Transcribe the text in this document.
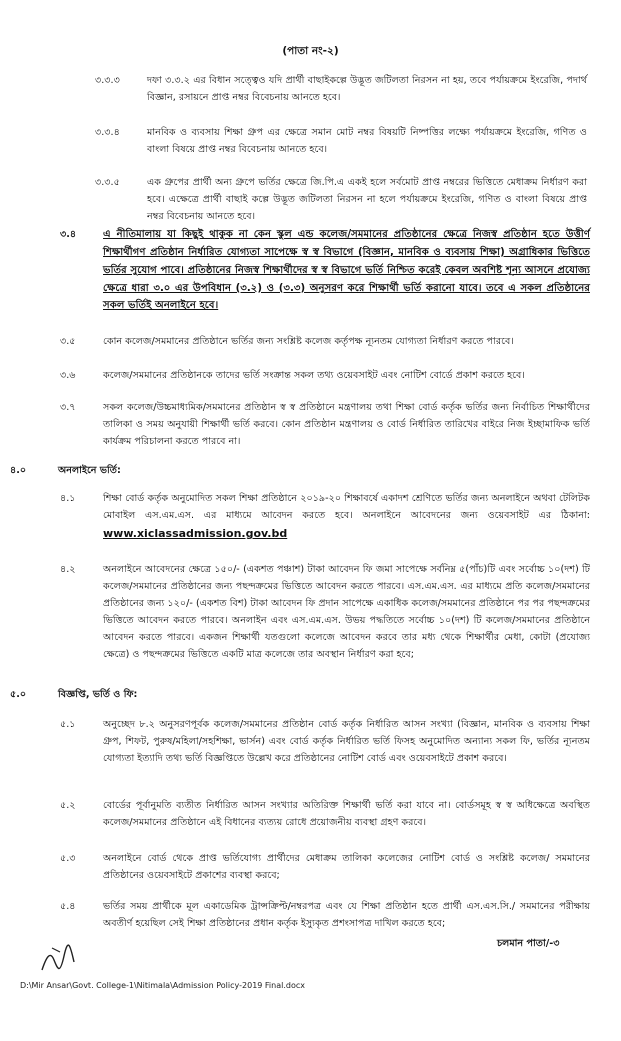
(পাতা নং-২)
৩.৩.৩	দফা ৩.৩.২ এর বিধান সত্ত্বেও যদি প্রার্থী বাছাইকল্পে উদ্ভূত জটিলতা নিরসন না হয়, তবে পর্যায়ক্রমে ইংরেজি, পদার্থ বিজ্ঞান, রসায়নে প্রাপ্ত নম্বর বিবেচনায় আনতে হবে।
৩.৩.৪	মানবিক ও ব্যবসায় শিক্ষা গ্রুপ এর ক্ষেত্রে সমান মোট নম্বর বিষয়টি নিষ্পত্তির লক্ষ্যে পর্যায়ক্রমে ইংরেজি, গণিত ও বাংলা বিষয়ে প্রাপ্ত নম্বর বিবেচনায় আনতে হবে।
৩.৩.৫	এক গ্রুপের প্রার্থী অন্য গ্রুপে ভর্তির ক্ষেত্রে জি.পি.এ একই হলে সর্বমোট প্রাপ্ত নম্বরের ভিত্তিতে মেধাক্রম নির্ধারণ করা হবে। এক্ষেত্রে প্রার্থী বাছাই কল্পে উদ্ভূত জটিলতা নিরসন না হলে পর্যায়ক্রমে ইংরেজি, গণিত ও বাংলা বিষয়ে প্রাপ্ত নম্বর বিবেচনায় আনতে হবে।
৩.৪	এ নীতিমালায় যা কিছুই থাকুক না কেন স্কুল এন্ড কলেজ/সমমানের প্রতিষ্ঠানের ক্ষেত্রে নিজস্ব প্রতিষ্ঠান হতে উত্তীর্ণ শিক্ষার্থীগণ প্রতিষ্ঠান নির্ধারিত যোগ্যতা সাপেক্ষে স্ব স্ব বিভাগে (বিজ্ঞান, মানবিক ও ব্যবসায় শিক্ষা) অগ্রাধিকার ভিত্তিতে ভর্তির সুযোগ পাবে। প্রতিষ্ঠানের নিজস্ব শিক্ষার্থীদের স্ব স্ব বিভাগে ভর্তি নিশ্চিত করেই কেবল অবশিষ্ট শূন্য আসনে প্রযোজ্য ক্ষেত্রে ধারা ৩.০ এর উপবিধান (৩.২) ও (৩.৩) অনুসরণ করে শিক্ষার্থী ভর্তি করানো যাবে। তবে এ সকল প্রতিষ্ঠানের সকল ভর্তিই অনলাইনে হবে।
৩.৫	কোন কলেজ/সমমানের প্রতিষ্ঠানে ভর্তির জন্য সংশ্লিষ্ট কলেজ কর্তৃপক্ষ ন্যূনতম যোগ্যতা নির্ধারণ করতে পারবে।
৩.৬	কলেজ/সমমানের প্রতিষ্ঠানকে তাদের ভর্তি সংক্রান্ত সকল তথ্য ওয়েবসাইট এবং নোটিশ বোর্ডে প্রকাশ করতে হবে।
৩.৭	সকল কলেজ/উচ্চমাধ্যমিক/সমমানের প্রতিষ্ঠান স্ব স্ব প্রতিষ্ঠানে মন্ত্রণালয় তথা শিক্ষা বোর্ড কর্তৃক ভর্তির জন্য নির্বাচিত শিক্ষার্থীদের তালিকা ও সময় অনুযায়ী শিক্ষার্থী ভর্তি করবে। কোন প্রতিষ্ঠান মন্ত্রণালয় ও বোর্ড নির্ধারিত তারিখের বাইরে নিজ ইচ্ছামাফিক ভর্তি কার্যক্রম পরিচালনা করতে পারবে না।
৪.০	অনলাইনে ভর্তি:
৪.১	শিক্ষা বোর্ড কর্তৃক অনুমোদিত সকল শিক্ষা প্রতিষ্ঠানে ২০১৯-২০ শিক্ষাবর্ষে একাদশ শ্রেণিতে ভর্তির জন্য অনলাইনে অথবা টেলিটক মোবাইল এস.এম.এস. এর মাধ্যমে আবেদন করতে হবে। অনলাইনে আবেদনের জন্য ওয়েবসাইট এর ঠিকানা: www.xiclassadmission.gov.bd
৪.২	অনলাইনে আবেদনের ক্ষেত্রে ১৫০/- (একশত পঞ্চাশ) টাকা আবেদন ফি জমা সাপেক্ষে সর্বনিম্ন ৫(পাঁচ)টি এবং সর্বোচ্চ ১০(দশ) টি কলেজ/সমমানের প্রতিষ্ঠানের জন্য পছন্দক্রমের ভিত্তিতে আবেদন করতে পারবে। এস.এম.এস. এর মাধ্যমে প্রতি কলেজ/সমমানের প্রতিষ্ঠানের জন্য ১২০/- (একশত বিশ) টাকা আবেদন ফি প্রদান সাপেক্ষে একাধিক কলেজ/সমমানের প্রতিষ্ঠানে পর পর পছন্দক্রমের ভিত্তিতে আবেদন করতে পারবে। অনলাইন এবং এস.এম.এস. উভয় পদ্ধতিতে সর্বোচ্চ ১০(দশ) টি কলেজ/সমমানের প্রতিষ্ঠানে আবেদন করতে পারবে। একজন শিক্ষার্থী যতগুলো কলেজে আবেদন করবে তার মধ্য থেকে শিক্ষার্থীর মেধা, কোটা (প্রযোজ্য ক্ষেত্রে) ও পছন্দক্রমের ভিত্তিতে একটি মাত্র কলেজে তার অবস্থান নির্ধারণ করা হবে;
৫.০	বিজ্ঞপ্তি, ভর্তি ও ফি:
৫.১	অনুচ্ছেদ ৮.২ অনুসরণপূর্বক কলেজ/সমমানের প্রতিষ্ঠান বোর্ড কর্তৃক নির্ধারিত আসন সংখ্যা (বিজ্ঞান, মানবিক ও ব্যবসায় শিক্ষা গ্রুপ, শিফট, পুরুষ/মহিলা/সহশিক্ষা, ভার্সন) এবং বোর্ড কর্তৃক নির্ধারিত ভর্তি ফিসহ অনুমোদিত অন্যান্য সকল ফি, ভর্তির ন্যূনতম যোগ্যতা ইত্যাদি তথ্য ভর্তি বিজ্ঞপ্তিতে উল্লেখ করে প্রতিষ্ঠানের নোটিশ বোর্ড এবং ওয়েবসাইটে প্রকাশ করবে।
৫.২	বোর্ডের পূর্বানুমতি ব্যতীত নির্ধারিত আসন সংখ্যার অতিরিক্ত শিক্ষার্থী ভর্তি করা যাবে না। বোর্ডসমূহ স্ব স্ব অধিক্ষেত্রে অবস্থিত কলেজ/সমমানের প্রতিষ্ঠানে এই বিধানের ব্যত্যয় রোধে প্রয়োজনীয় ব্যবস্থা গ্রহণ করবে।
৫.৩	অনলাইনে বোর্ড থেকে প্রাপ্ত ভর্তিযোগ্য প্রার্থীদের মেধাক্রম তালিকা কলেজের নোটিশ বোর্ড ও সংশ্লিষ্ট কলেজ/ সমমানের প্রতিষ্ঠানের ওয়েবসাইটে প্রকাশের ব্যবস্থা করবে;
৫.৪	ভর্তির সময় প্রার্থীকে মূল একাডেমিক ট্রান্সক্রিপ্ট/নম্বরপত্র এবং যে শিক্ষা প্রতিষ্ঠান হতে প্রার্থী এস.এস.সি./ সমমানের পরীক্ষায় অবতীর্ণ হয়েছিল সেই শিক্ষা প্রতিষ্ঠানের প্রধান কর্তৃক ইস্যুকৃত প্রশংসাপত্র দাখিল করতে হবে;
চলমান পাতা/-৩
D:\Mir Ansar\Govt. College-1\Nitimala\Admission Policy-2019 Final.docx
